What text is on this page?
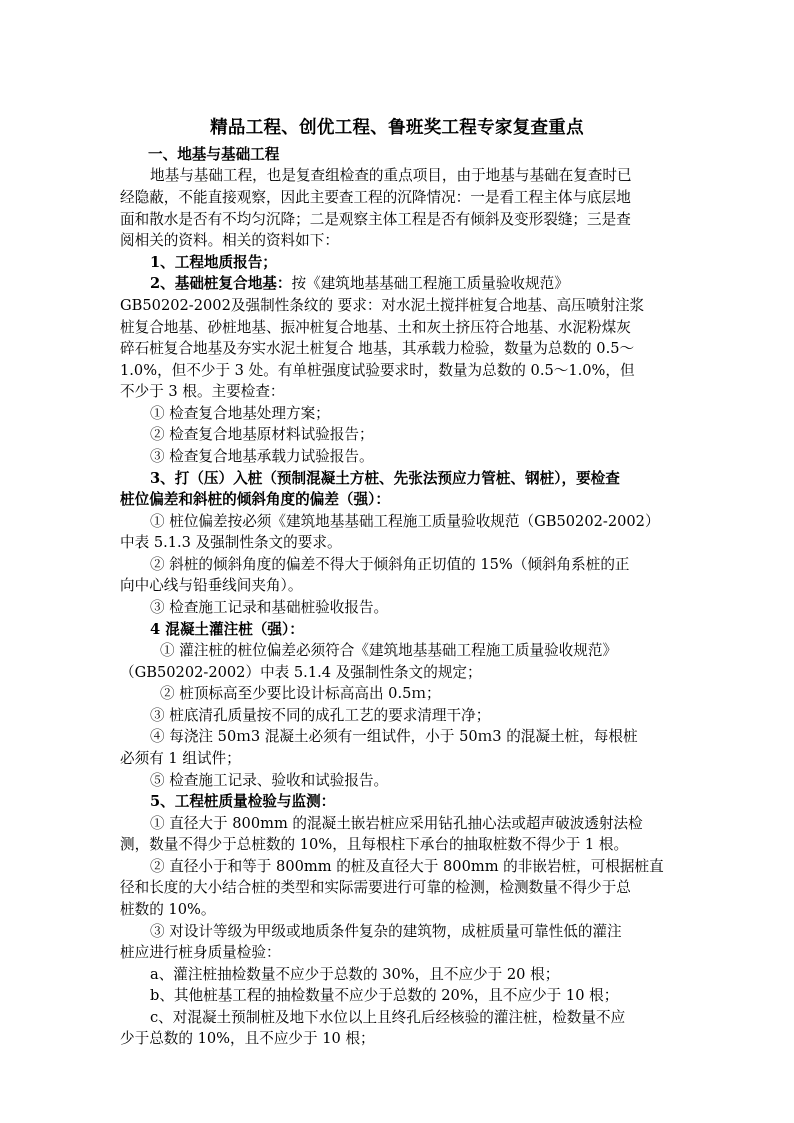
精品工程、创优工程、鲁班奖工程专家复查重点
一、地基与基础工程
地基与基础工程，也是复查组检查的重点项目，由于地基与基础在复查时已
经隐蔽，不能直接观察，因此主要查工程的沉降情况：一是看工程主体与底层地
面和散水是否有不均匀沉降；二是观察主体工程是否有倾斜及变形裂缝；三是查
阅相关的资料。相关的资料如下：
1、工程地质报告；
2、基础桩复合地基：按《建筑地基基础工程施工质量验收规范》
GB50202-2002及强制性条纹的 要求：对水泥土搅拌桩复合地基、高压喷射注浆
桩复合地基、砂桩地基、振冲桩复合地基、土和灰土挤压符合地基、水泥粉煤灰
碎石桩复合地基及夯实水泥土桩复合 地基，其承载力检验，数量为总数的 0.5～
1.0%，但不少于 3 处。有单桩强度试验要求时，数量为总数的 0.5～1.0%，但
不少于 3 根。主要检查：
① 检查复合地基处理方案；
② 检查复合地基原材料试验报告；
③ 检查复合地基承载力试验报告。
3、打（压）入桩（预制混凝土方桩、先张法预应力管桩、钢桩），要检查
桩位偏差和斜桩的倾斜角度的偏差（强）：
① 桩位偏差按必须《建筑地基基础工程施工质量验收规范（GB50202-2002）
中表 5.1.3 及强制性条文的要求。
② 斜桩的倾斜角度的偏差不得大于倾斜角正切值的 15%（倾斜角系桩的正
向中心线与铅垂线间夹角）。
③ 检查施工记录和基础桩验收报告。
4 混凝土灌注桩（强）：
① 灌注桩的桩位偏差必须符合《建筑地基基础工程施工质量验收规范》
（GB50202-2002）中表 5.1.4 及强制性条文的规定；
② 桩顶标高至少要比设计标高高出 0.5ｍ；
③ 桩底清孔质量按不同的成孔工艺的要求清理干净；
④ 每浇注 50ｍ3 混凝土必须有一组试件，小于 50ｍ3 的混凝土桩，每根桩
必须有 1 组试件；
⑤ 检查施工记录、验收和试验报告。
5、工程桩质量检验与监测：
① 直径大于 800mm 的混凝土嵌岩桩应采用钻孔抽心法或超声破波透射法检
测，数量不得少于总桩数的 10%，且每根柱下承台的抽取桩数不得少于 1 根。
② 直径小于和等于 800mm 的桩及直径大于 800mm 的非嵌岩桩，可根据桩直
径和长度的大小结合桩的类型和实际需要进行可靠的检测，检测数量不得少于总
桩数的 10%。
③ 对设计等级为甲级或地质条件复杂的建筑物，成桩质量可靠性低的灌注
桩应进行桩身质量检验：
a、灌注桩抽检数量不应少于总数的 30%，且不应少于 20 根；
b、其他桩基工程的抽检数量不应少于总数的 20%，且不应少于 10 根；
c、对混凝土预制桩及地下水位以上且终孔后经核验的灌注桩，检数量不应
少于总数的 10%，且不应少于 10 根；
